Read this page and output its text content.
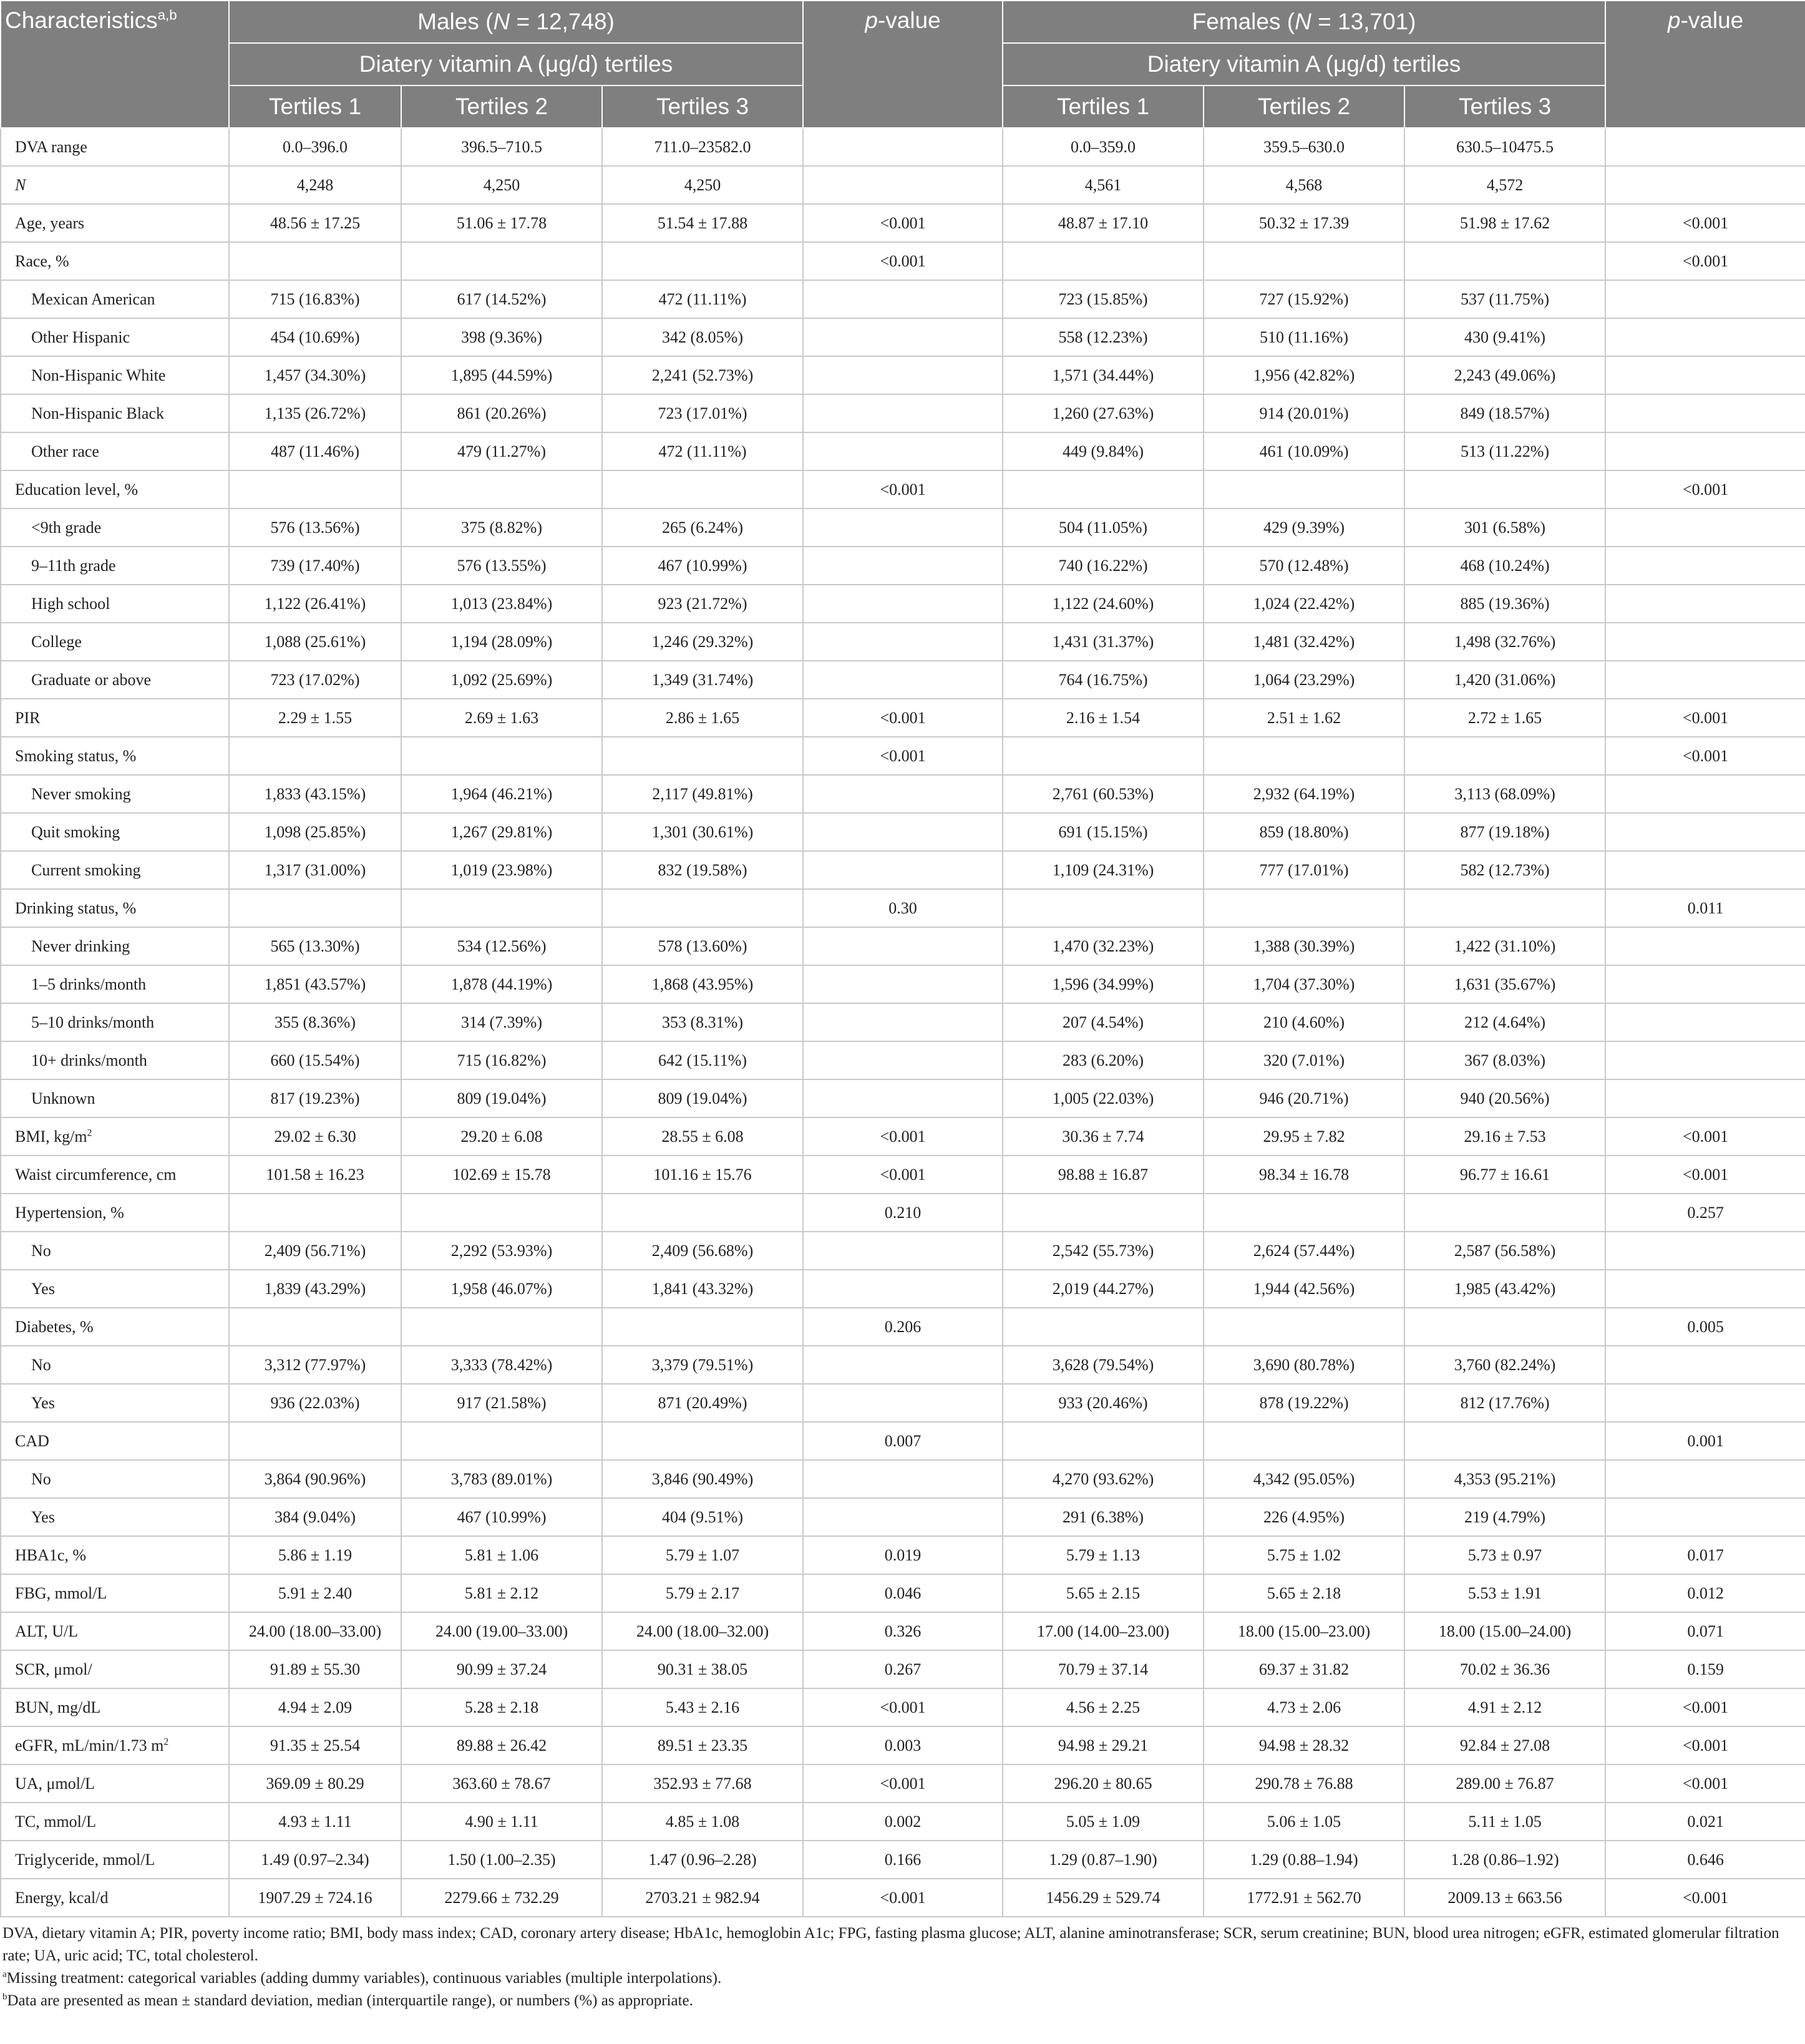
Characteristics$^{a,b}$	Males (N = 12,748)			p-value	Females (N = 13,701)			p-value
	Diatery vitamin A (μg/d) tertiles				Diatery vitamin A (μg/d) tertiles			
	Tertiles 1	Tertiles 2	Tertiles 3		Tertiles 1	Tertiles 2	Tertiles 3	
DVA range	0.0–396.0	396.5–710.5	711.0–23582.0		0.0–359.0	359.5–630.0	630.5–10475.5	
N	4,248	4,250	4,250		4,561	4,568	4,572	
Age, years	48.56 ± 17.25	51.06 ± 17.78	51.54 ± 17.88	<0.001	48.87 ± 17.10	50.32 ± 17.39	51.98 ± 17.62	<0.001
Race, %				<0.001				<0.001
Mexican American	715 (16.83%)	617 (14.52%)	472 (11.11%)		723 (15.85%)	727 (15.92%)	537 (11.75%)	
Other Hispanic	454 (10.69%)	398 (9.36%)	342 (8.05%)		558 (12.23%)	510 (11.16%)	430 (9.41%)	
Non-Hispanic White	1,457 (34.30%)	1,895 (44.59%)	2,241 (52.73%)		1,571 (34.44%)	1,956 (42.82%)	2,243 (49.06%)	
Non-Hispanic Black	1,135 (26.72%)	861 (20.26%)	723 (17.01%)		1,260 (27.63%)	914 (20.01%)	849 (18.57%)	
Other race	487 (11.46%)	479 (11.27%)	472 (11.11%)		449 (9.84%)	461 (10.09%)	513 (11.22%)	
Education level, %				<0.001				<0.001
<9th grade	576 (13.56%)	375 (8.82%)	265 (6.24%)		504 (11.05%)	429 (9.39%)	301 (6.58%)	
9–11th grade	739 (17.40%)	576 (13.55%)	467 (10.99%)		740 (16.22%)	570 (12.48%)	468 (10.24%)	
High school	1,122 (26.41%)	1,013 (23.84%)	923 (21.72%)		1,122 (24.60%)	1,024 (22.42%)	885 (19.36%)	
College	1,088 (25.61%)	1,194 (28.09%)	1,246 (29.32%)		1,431 (31.37%)	1,481 (32.42%)	1,498 (32.76%)	
Graduate or above	723 (17.02%)	1,092 (25.69%)	1,349 (31.74%)		764 (16.75%)	1,064 (23.29%)	1,420 (31.06%)	
PIR	2.29 ± 1.55	2.69 ± 1.63	2.86 ± 1.65	<0.001	2.16 ± 1.54	2.51 ± 1.62	2.72 ± 1.65	<0.001
Smoking status, %				<0.001				<0.001
Never smoking	1,833 (43.15%)	1,964 (46.21%)	2,117 (49.81%)		2,761 (60.53%)	2,932 (64.19%)	3,113 (68.09%)	
Quit smoking	1,098 (25.85%)	1,267 (29.81%)	1,301 (30.61%)		691 (15.15%)	859 (18.80%)	877 (19.18%)	
Current smoking	1,317 (31.00%)	1,019 (23.98%)	832 (19.58%)		1,109 (24.31%)	777 (17.01%)	582 (12.73%)	
Drinking status, %				0.30				0.011
Never drinking	565 (13.30%)	534 (12.56%)	578 (13.60%)		1,470 (32.23%)	1,388 (30.39%)	1,422 (31.10%)	
1–5 drinks/month	1,851 (43.57%)	1,878 (44.19%)	1,868 (43.95%)		1,596 (34.99%)	1,704 (37.30%)	1,631 (35.67%)	
5–10 drinks/month	355 (8.36%)	314 (7.39%)	353 (8.31%)		207 (4.54%)	210 (4.60%)	212 (4.64%)	
10+ drinks/month	660 (15.54%)	715 (16.82%)	642 (15.11%)		283 (6.20%)	320 (7.01%)	367 (8.03%)	
Unknown	817 (19.23%)	809 (19.04%)	809 (19.04%)		1,005 (22.03%)	946 (20.71%)	940 (20.56%)	
BMI, $kg/m^2$	29.02 ± 6.30	29.20 ± 6.08	28.55 ± 6.08	<0.001	30.36 ± 7.74	29.95 ± 7.82	29.16 ± 7.53	<0.001
Waist circumference, cm	101.58 ± 16.23	102.69 ± 15.78	101.16 ± 15.76	<0.001	98.88 ± 16.87	98.34 ± 16.78	96.77 ± 16.61	<0.001
Hypertension, %				0.210				0.257
No	2,409 (56.71%)	2,292 (53.93%)	2,409 (56.68%)		2,542 (55.73%)	2,624 (57.44%)	2,587 (56.58%)	
Yes	1,839 (43.29%)	1,958 (46.07%)	1,841 (43.32%)		2,019 (44.27%)	1,944 (42.56%)	1,985 (43.42%)	
Diabetes, %				0.206				0.005
No	3,312 (77.97%)	3,333 (78.42%)	3,379 (79.51%)		3,628 (79.54%)	3,690 (80.78%)	3,760 (82.24%)	
Yes	936 (22.03%)	917 (21.58%)	871 (20.49%)		933 (20.46%)	878 (19.22%)	812 (17.76%)	
CAD				0.007				0.001
No	3,864 (90.96%)	3,783 (89.01%)	3,846 (90.49%)		4,270 (93.62%)	4,342 (95.05%)	4,353 (95.21%)	
Yes	384 (9.04%)	467 (10.99%)	404 (9.51%)		291 (6.38%)	226 (4.95%)	219 (4.79%)	
HBA1c, %	5.86 ± 1.19	5.81 ± 1.06	5.79 ± 1.07	0.019	5.79 ± 1.13	5.75 ± 1.02	5.73 ± 0.97	0.017
FBG, mmol/L	5.91 ± 2.40	5.81 ± 2.12	5.79 ± 2.17	0.046	5.65 ± 2.15	5.65 ± 2.18	5.53 ± 1.91	0.012
ALT, U/L	24.00 (18.00–33.00)	24.00 (19.00–33.00)	24.00 (18.00–32.00)	0.326	17.00 (14.00–23.00)	18.00 (15.00–23.00)	18.00 (15.00–24.00)	0.071
SCR, μmol/	91.89 ± 55.30	90.99 ± 37.24	90.31 ± 38.05	0.267	70.79 ± 37.14	69.37 ± 31.82	70.02 ± 36.36	0.159
BUN, mg/dL	4.94 ± 2.09	5.28 ± 2.18	5.43 ± 2.16	<0.001	4.56 ± 2.25	4.73 ± 2.06	4.91 ± 2.12	<0.001
eGFR, mL/min/1.73 $m^2$	91.35 ± 25.54	89.88 ± 26.42	89.51 ± 23.35	0.003	94.98 ± 29.21	94.98 ± 28.32	92.84 ± 27.08	<0.001
UA, μmol/L	369.09 ± 80.29	363.60 ± 78.67	352.93 ± 77.68	<0.001	296.20 ± 80.65	290.78 ± 76.88	289.00 ± 76.87	<0.001
TC, mmol/L	4.93 ± 1.11	4.90 ± 1.11	4.85 ± 1.08	0.002	5.05 ± 1.09	5.06 ± 1.05	5.11 ± 1.05	0.021
Triglyceride, mmol/L	1.49 (0.97–2.34)	1.50 (1.00–2.35)	1.47 (0.96–2.28)	0.166	1.29 (0.87–1.90)	1.29 (0.88–1.94)	1.28 (0.86–1.92)	0.646
Energy, kcal/d	1907.29 ± 724.16	2279.66 ± 732.29	2703.21 ± 982.94	<0.001	1456.29 ± 529.74	1772.91 ± 562.70	2009.13 ± 663.56	<0.001

DVA, dietary vitamin A; PIR, poverty income ratio; BMI, body mass index; CAD, coronary artery disease; HbA1c, hemoglobin A1c; FPG, fasting plasma glucose; ALT, alanine aminotransferase; SCR, serum creatinine; BUN, blood urea nitrogen; eGFR, estimated glomerular filtration rate; UA, uric acid; TC, total cholesterol.

$^a$Missing treatment: categorical variables (adding dummy variables), continuous variables (multiple interpolations).

$^b$Data are presented as mean ± standard deviation, median (interquartile range), or numbers (%) as appropriate.
